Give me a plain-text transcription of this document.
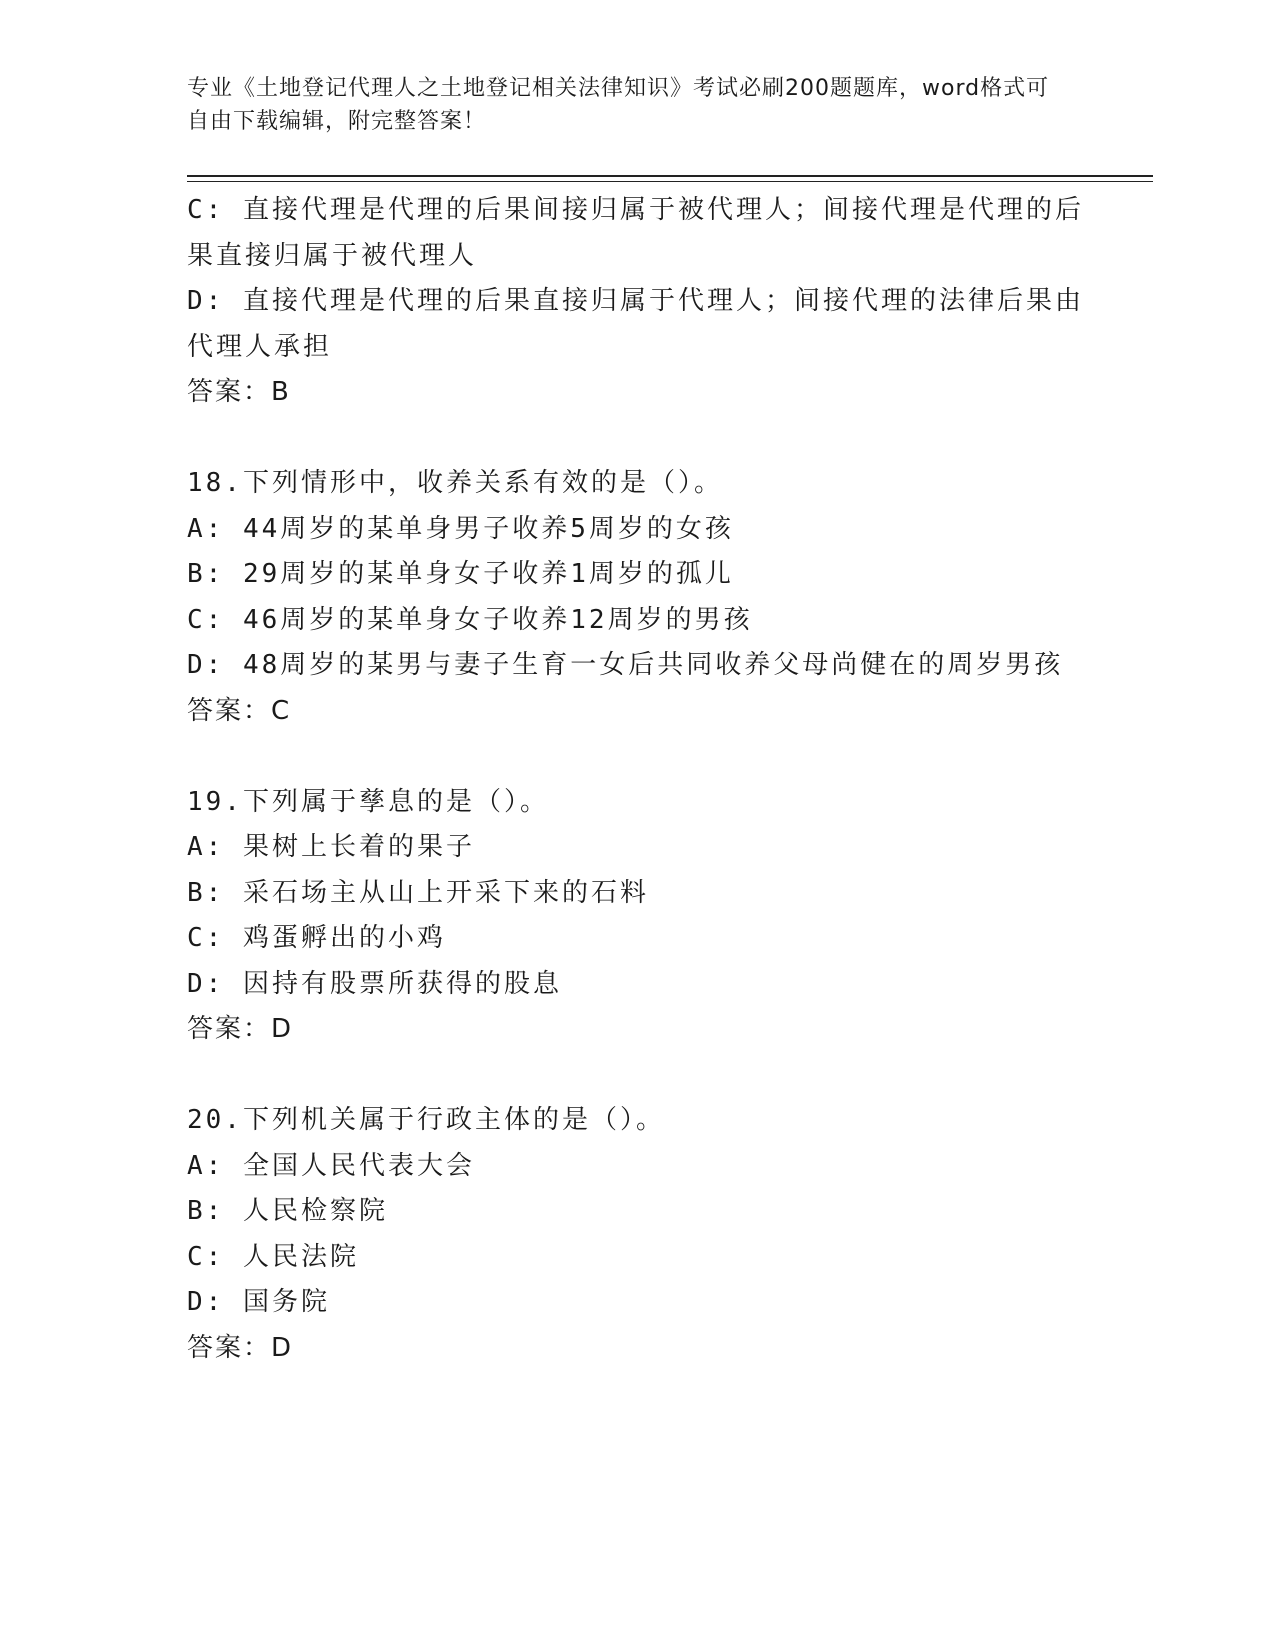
专业《土地登记代理人之土地登记相关法律知识》考试必刷200题题库，word格式可自由下载编辑，附完整答案！
C: 直接代理是代理的后果间接归属于被代理人；间接代理是代理的后果直接归属于被代理人
D: 直接代理是代理的后果直接归属于代理人；间接代理的法律后果由代理人承担
答案：B
18.下列情形中，收养关系有效的是（）。
A: 44周岁的某单身男子收养5周岁的女孩
B: 29周岁的某单身女子收养1周岁的孤儿
C: 46周岁的某单身女子收养12周岁的男孩
D: 48周岁的某男与妻子生育一女后共同收养父母尚健在的周岁男孩
答案：C
19.下列属于孳息的是（）。
A: 果树上长着的果子
B: 采石场主从山上开采下来的石料
C: 鸡蛋孵出的小鸡
D: 因持有股票所获得的股息
答案：D
20.下列机关属于行政主体的是（）。
A: 全国人民代表大会
B: 人民检察院
C: 人民法院
D: 国务院
答案：D
